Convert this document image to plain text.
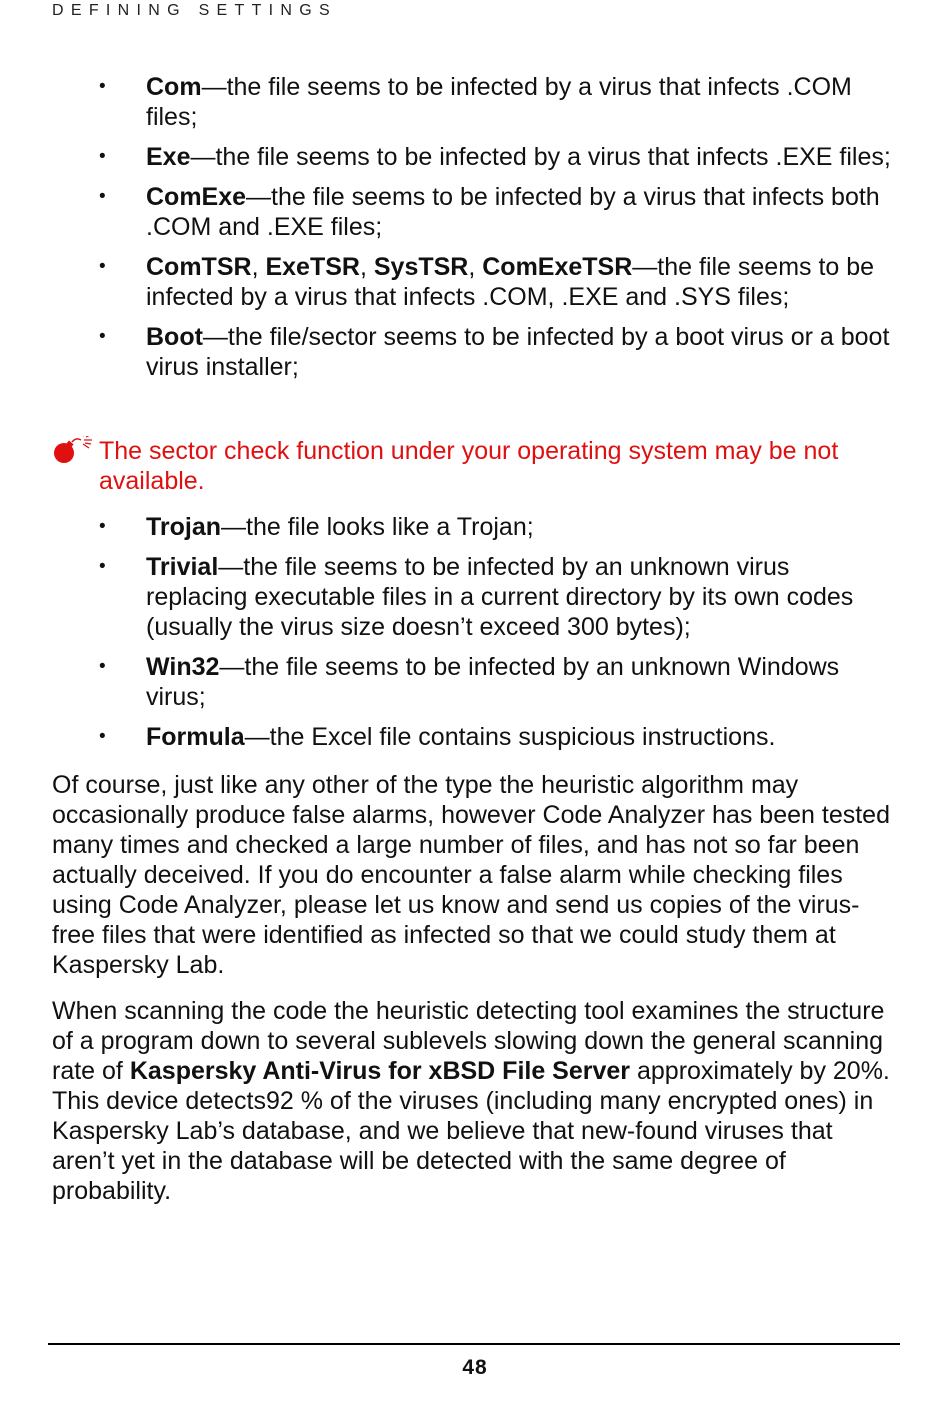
DEFINING SETTINGS
• Com—the file seems to be infected by a virus that infects .COM files;
• Exe—the file seems to be infected by a virus that infects .EXE files;
• ComExe—the file seems to be infected by a virus that infects both .COM and .EXE files;
• ComTSR, ExeTSR, SysTSR, ComExeTSR—the file seems to be infected by a virus that infects .COM, .EXE and .SYS files;
• Boot—the file/sector seems to be infected by a boot virus or a boot virus installer;

The sector check function under your operating system may be not available.

• Trojan—the file looks like a Trojan;
• Trivial—the file seems to be infected by an unknown virus replacing executable files in a current directory by its own codes (usually the virus size doesn’t exceed 300 bytes);
• Win32—the file seems to be infected by an unknown Windows virus;
• Formula—the Excel file contains suspicious instructions.

Of course, just like any other of the type the heuristic algorithm may occasionally produce false alarms, however Code Analyzer has been tested many times and checked a large number of files, and has not so far been actually deceived. If you do encounter a false alarm while checking files using Code Analyzer, please let us know and send us copies of the virus-free files that were identified as infected so that we could study them at Kaspersky Lab.

When scanning the code the heuristic detecting tool examines the structure of a program down to several sublevels slowing down the general scanning rate of Kaspersky Anti-Virus for xBSD File Server approximately by 20%. This device detects92 % of the viruses (including many encrypted ones) in Kaspersky Lab’s database, and we believe that new-found viruses that aren’t yet in the database will be detected with the same degree of probability.

48
